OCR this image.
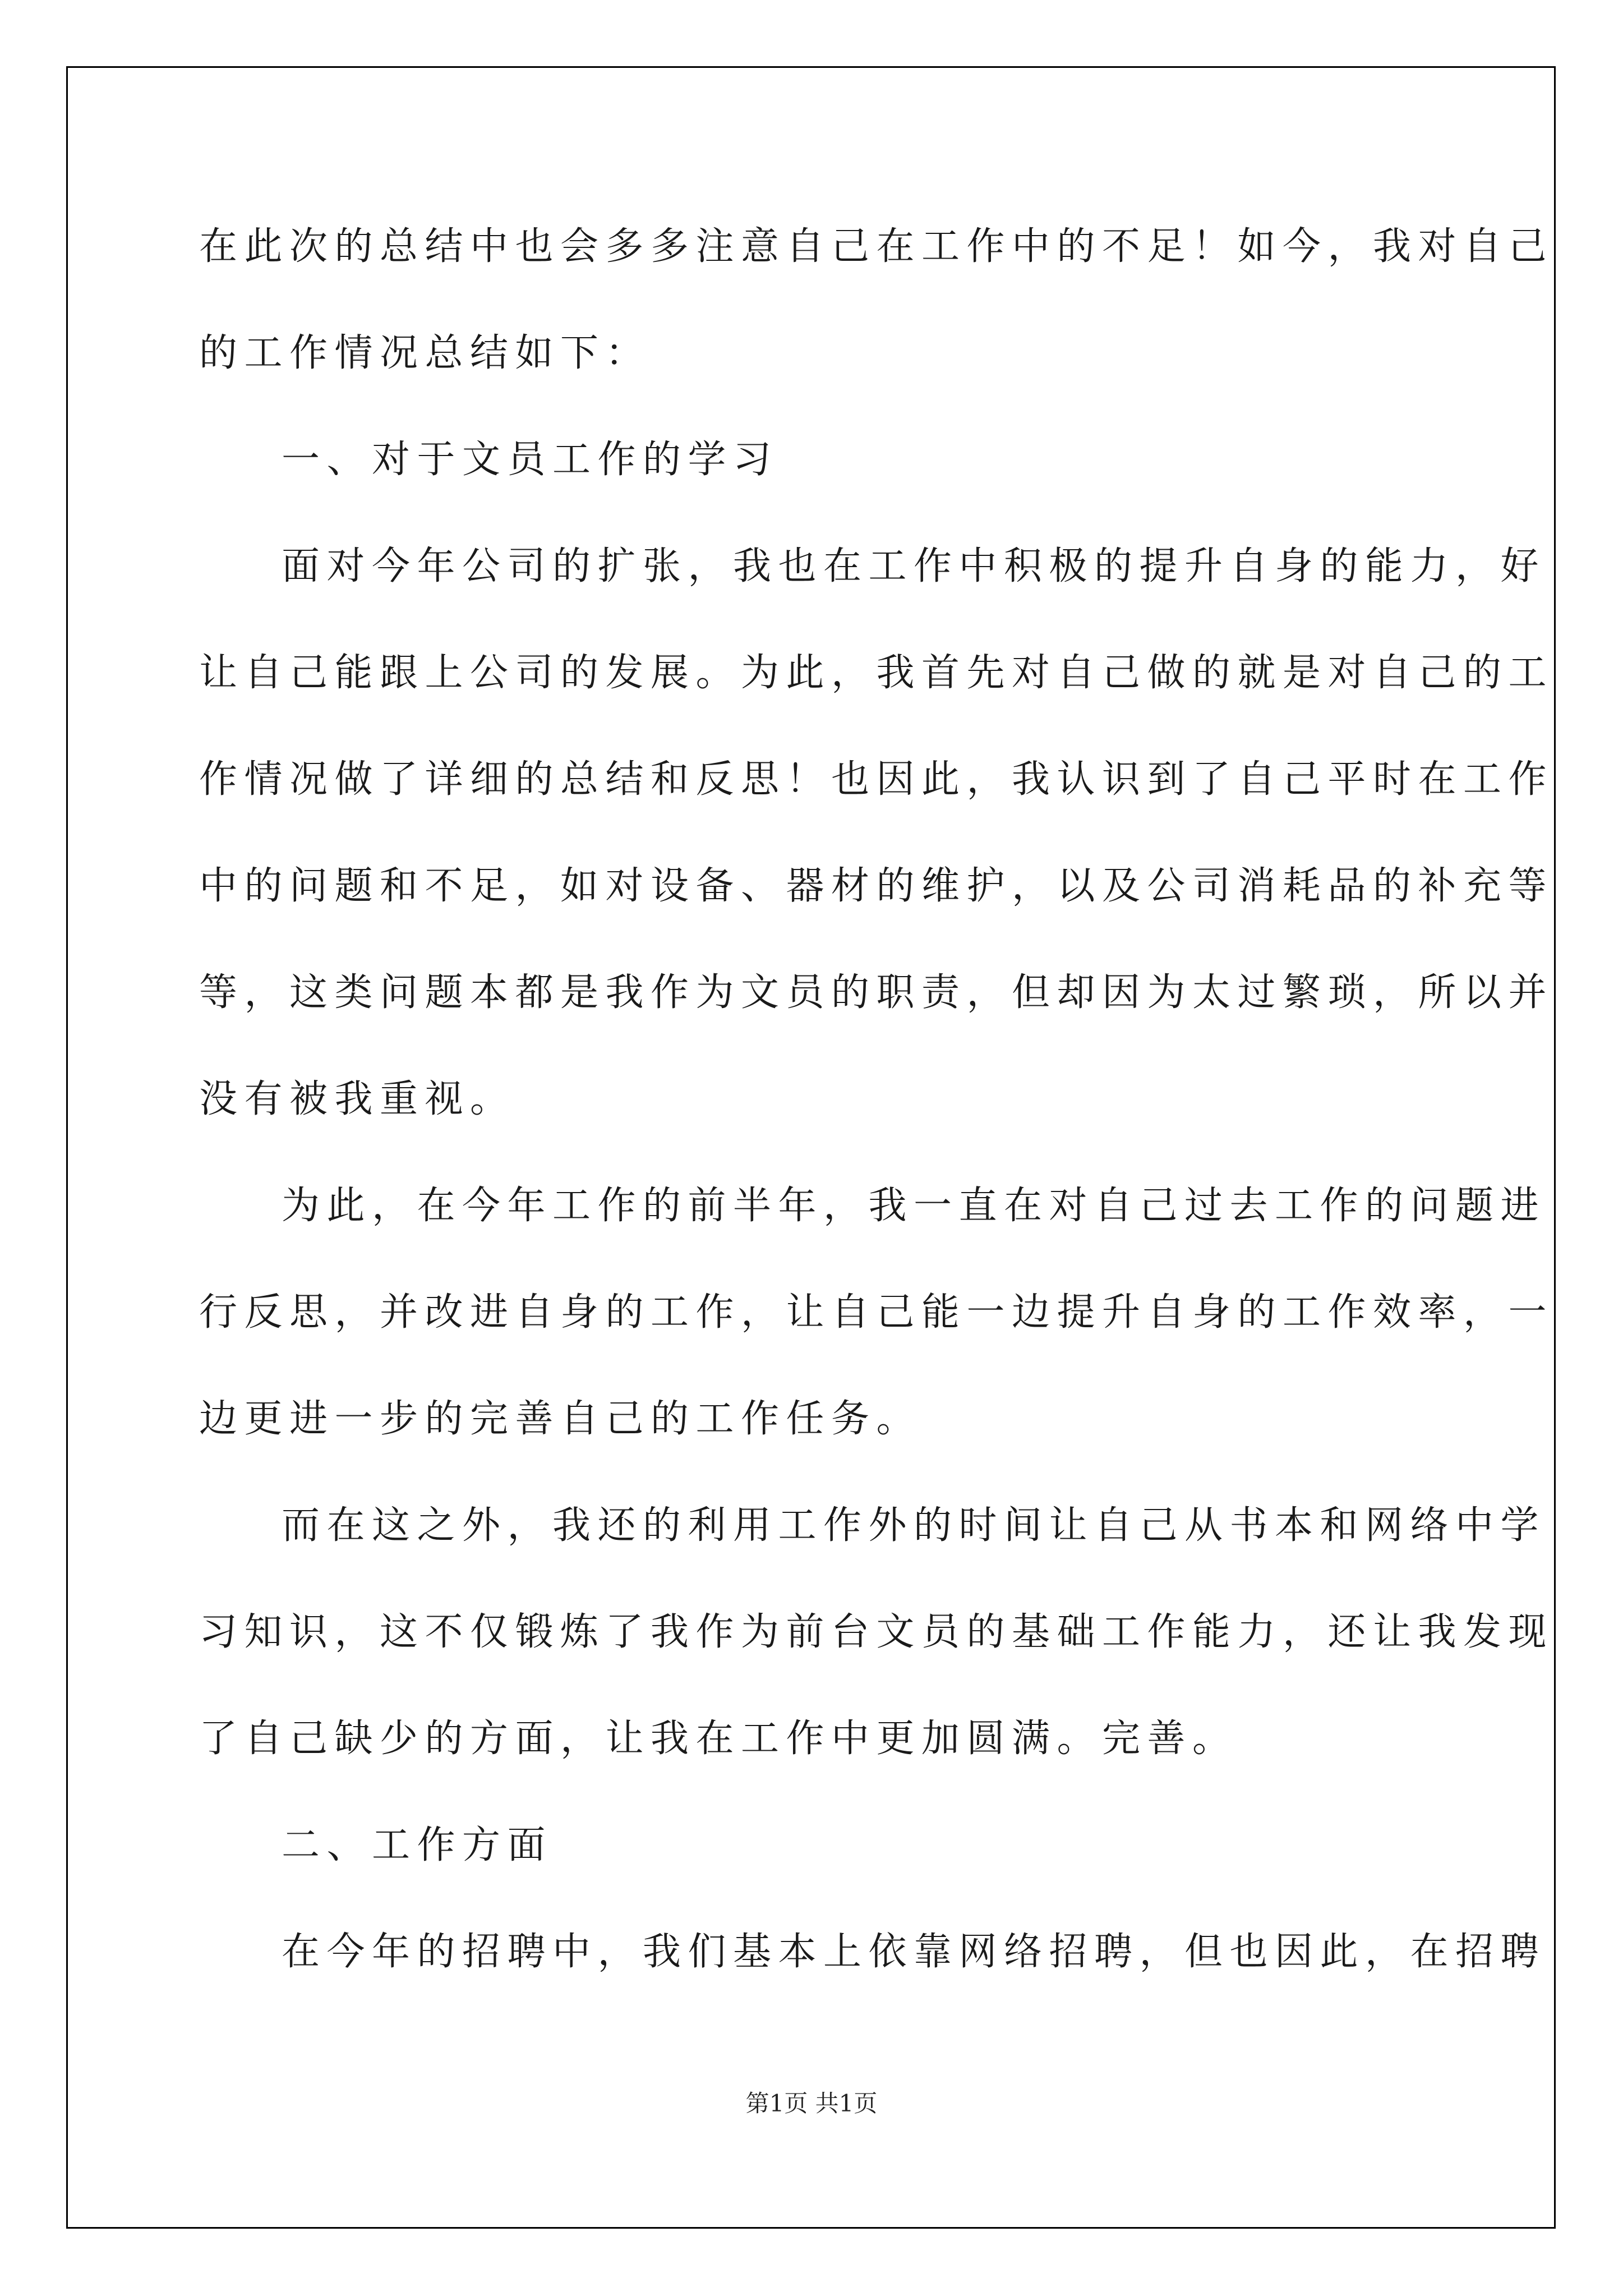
在此次的总结中也会多多注意自己在工作中的不足！如今，我对自己
的工作情况总结如下：
一、对于文员工作的学习
面对今年公司的扩张，我也在工作中积极的提升自身的能力，好
让自己能跟上公司的发展。为此，我首先对自己做的就是对自己的工
作情况做了详细的总结和反思！也因此，我认识到了自己平时在工作
中的问题和不足，如对设备、器材的维护，以及公司消耗品的补充等
等，这类问题本都是我作为文员的职责，但却因为太过繁琐，所以并
没有被我重视。
为此，在今年工作的前半年，我一直在对自己过去工作的问题进
行反思，并改进自身的工作，让自己能一边提升自身的工作效率，一
边更进一步的完善自己的工作任务。
而在这之外，我还的利用工作外的时间让自己从书本和网络中学
习知识，这不仅锻炼了我作为前台文员的基础工作能力，还让我发现
了自己缺少的方面，让我在工作中更加圆满。完善。
二、工作方面
在今年的招聘中，我们基本上依靠网络招聘，但也因此，在招聘
第1页 共1页
